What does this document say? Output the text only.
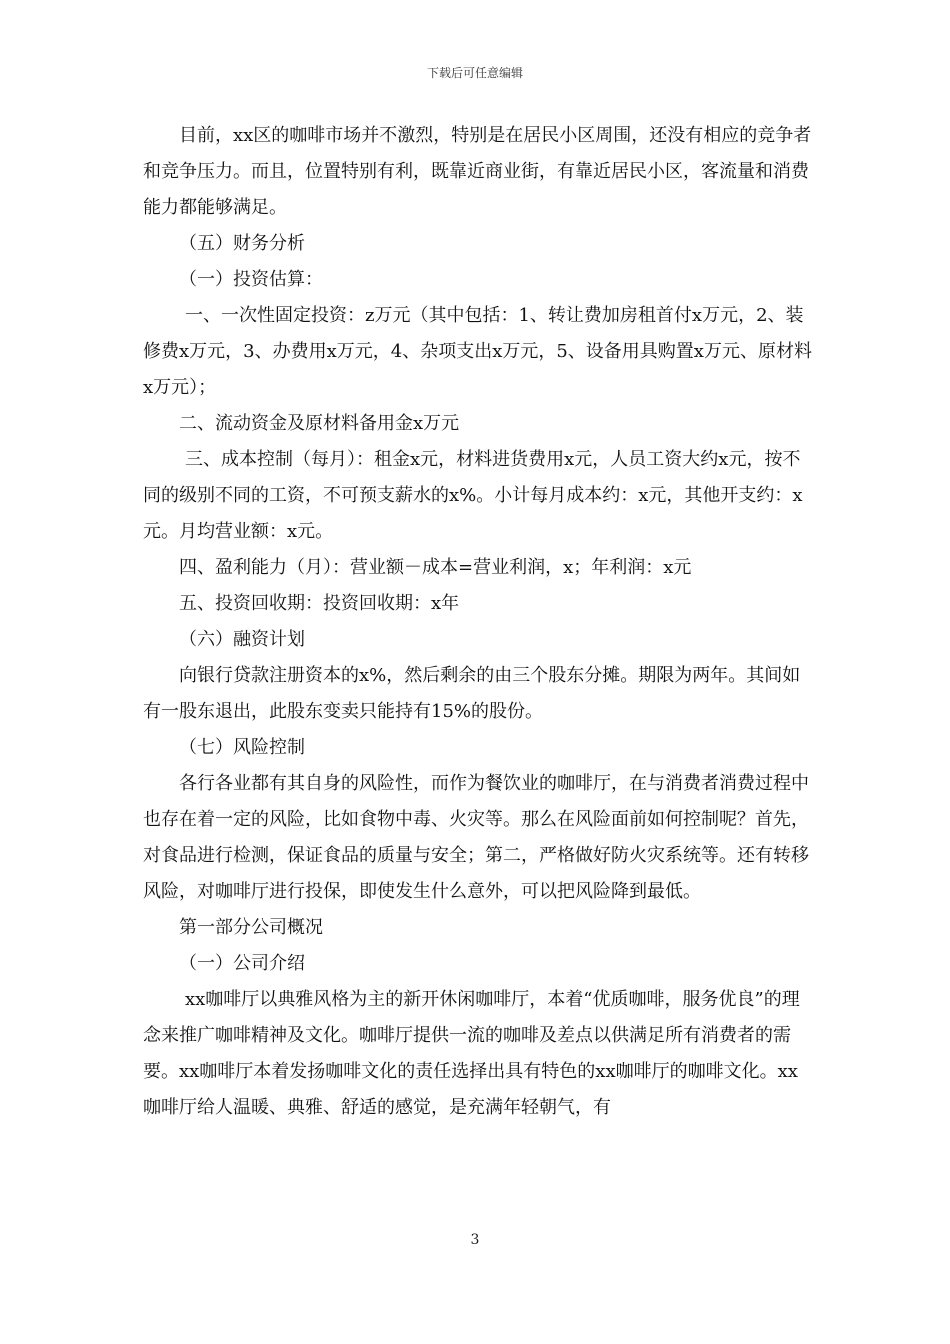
下载后可任意编辑

目前，xx区的咖啡市场并不激烈，特别是在居民小区周围，还没有相应的竞争者和竞争压力。而且，位置特别有利，既靠近商业街，有靠近居民小区，客流量和消费能力都能够满足。

（五）财务分析

（一）投资估算：

一、一次性固定投资：z万元（其中包括：1、转让费加房租首付x万元，2、装修费x万元，3、办费用x万元，4、杂项支出x万元，5、设备用具购置x万元、原材料x万元）；

二、流动资金及原材料备用金x万元

三、成本控制（每月）：租金x元，材料进货费用x元，人员工资大约x元，按不同的级别不同的工资，不可预支薪水的x%。小计每月成本约：x元，其他开支约：x元。月均营业额：x元。

四、盈利能力（月）：营业额－成本=营业利润，x；年利润：x元

五、投资回收期：投资回收期：x年

（六）融资计划

向银行贷款注册资本的x%，然后剩余的由三个股东分摊。期限为两年。其间如有一股东退出，此股东变卖只能持有15%的股份。

（七）风险控制

各行各业都有其自身的风险性，而作为餐饮业的咖啡厅，在与消费者消费过程中也存在着一定的风险，比如食物中毒、火灾等。那么在风险面前如何控制呢？首先，对食品进行检测，保证食品的质量与安全；第二，严格做好防火灾系统等。还有转移风险，对咖啡厅进行投保，即使发生什么意外，可以把风险降到最低。

第一部分公司概况

（一）公司介绍

xx咖啡厅以典雅风格为主的新开休闲咖啡厅，本着“优质咖啡，服务优良”的理念来推广咖啡精神及文化。咖啡厅提供一流的咖啡及差点以供满足所有消费者的需要。xx咖啡厅本着发扬咖啡文化的责任选择出具有特色的xx咖啡厅的咖啡文化。xx咖啡厅给人温暖、典雅、舒适的感觉，是充满年轻朝气，有

3
